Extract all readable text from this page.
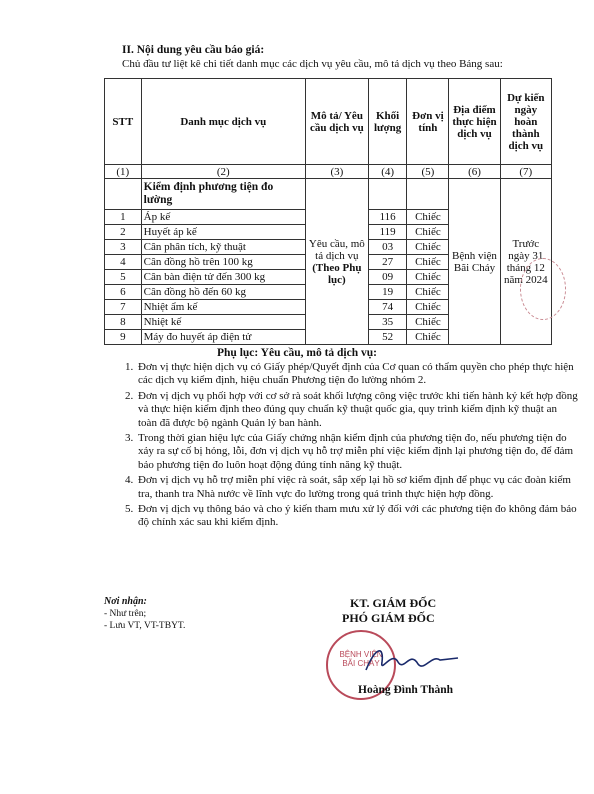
II. Nội dung yêu cầu báo giá:
Chủ đầu tư liệt kê chi tiết danh mục các dịch vụ yêu cầu, mô tả dịch vụ theo Bảng sau:
STT	Danh mục dịch vụ	Mô tả/ Yêu cầu dịch vụ	Khối lượng	Đơn vị tính	Địa điểm thực hiện dịch vụ	Dự kiến ngày hoàn thành dịch vụ
(1)	(2)	(3)	(4)	(5)	(6)	(7)
	Kiểm định phương tiện đo lường	Yêu cầu, mô tả dịch vụ (Theo Phụ lục)			Bệnh viện Bãi Cháy	Trước ngày 31 tháng 12 năm 2024
1	Áp kế		116	Chiếc		
2	Huyết áp kế		119	Chiếc		
3	Cân phân tích, kỹ thuật		03	Chiếc		
4	Cân đồng hồ trên 100 kg		27	Chiếc		
5	Cân bàn điện tử đến 300 kg		09	Chiếc		
6	Cân đồng hồ đến 60 kg		19	Chiếc		
7	Nhiệt ẩm kế		74	Chiếc		
8	Nhiệt kế		35	Chiếc		
9	Máy đo huyết áp điện tử		52	Chiếc		
Phụ lục: Yêu cầu, mô tả dịch vụ:
1. Đơn vị thực hiện dịch vụ có Giấy phép/Quyết định của Cơ quan có thẩm quyền cho phép thực hiện các dịch vụ kiểm định, hiệu chuẩn Phương tiện đo lường nhóm 2.
2. Đơn vị dịch vụ phối hợp với cơ sở rà soát khối lượng công việc trước khi tiến hành ký kết hợp đồng và thực hiện kiểm định theo đúng quy chuẩn kỹ thuật quốc gia, quy trình kiểm định kỹ thuật an toàn đã được bộ ngành Quản lý ban hành.
3. Trong thời gian hiệu lực của Giấy chứng nhận kiểm định của phương tiện đo, nếu phương tiện đo xảy ra sự cố bị hỏng, lỗi, đơn vị dịch vụ hỗ trợ miễn phí việc kiểm định lại phương tiện đo, để đảm bảo phương tiện đo luôn hoạt động đúng tính năng kỹ thuật.
4. Đơn vị dịch vụ hỗ trợ miễn phí việc rà soát, sắp xếp lại hồ sơ kiểm định để phục vụ các đoàn kiểm tra, thanh tra Nhà nước về lĩnh vực đo lường trong quá trình thực hiện hợp đồng.
5. Đơn vị dịch vụ thông báo và cho ý kiến tham mưu xử lý đối với các phương tiện đo không đảm bảo độ chính xác sau khi kiểm định.
Nơi nhận:
- Như trên;
- Lưu VT, VT-TBYT.
KT. GIÁM ĐỐC
PHÓ GIÁM ĐỐC
BỆNH VIỆN
BÃI CHÁY
Hoàng Đình Thành
